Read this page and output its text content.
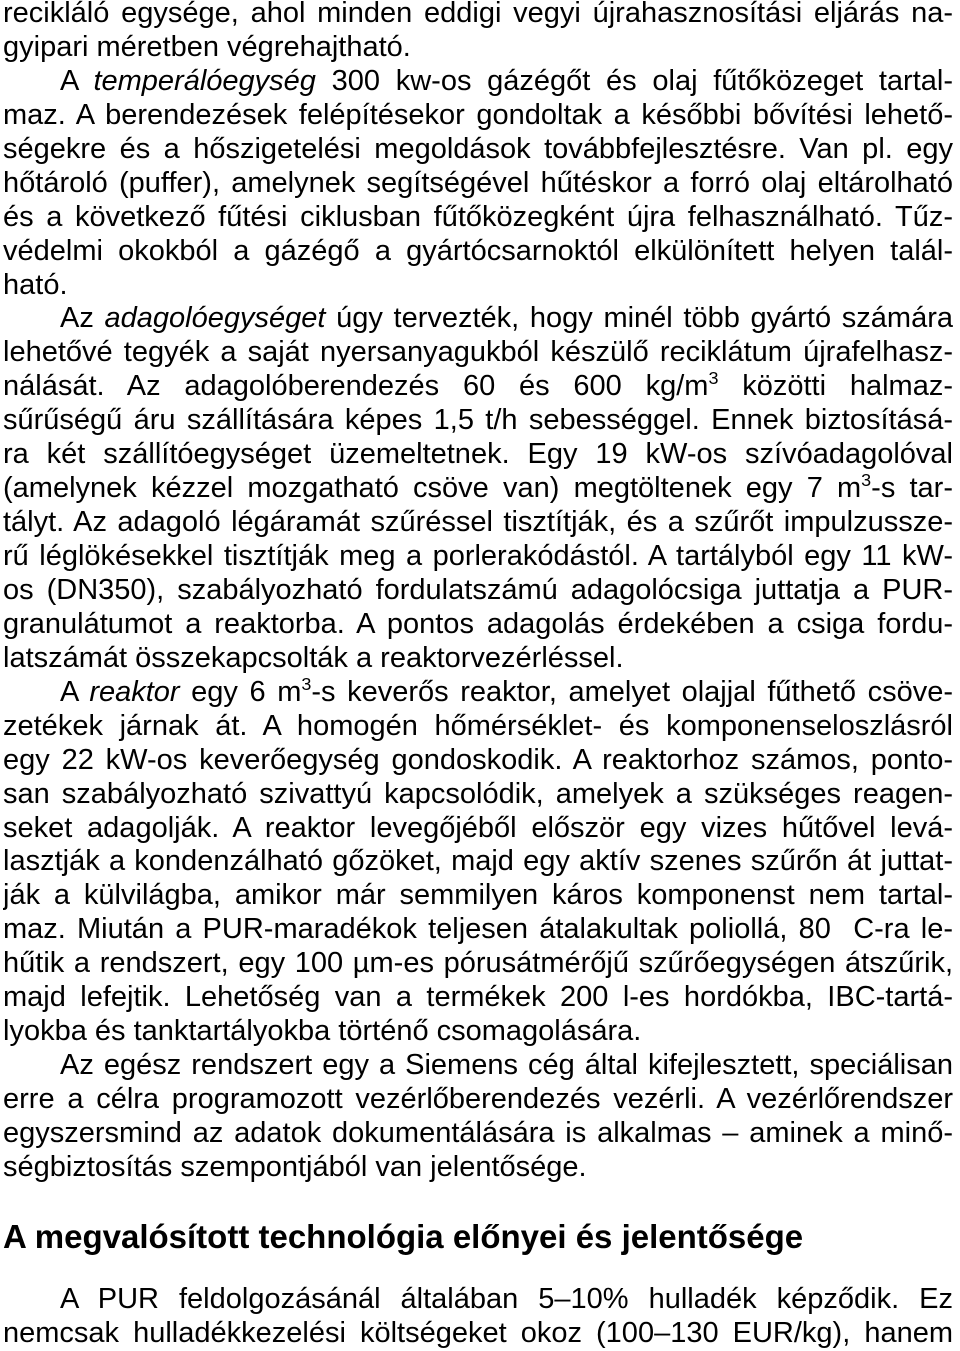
recikláló egysége, ahol minden eddigi vegyi újrahasznosítási eljárás na-
gyipari méretben végrehajtható.
A temperálóegység 300 kw-os gázégőt és olaj fűtőközeget tartal-
maz. A berendezések felépítésekor gondoltak a későbbi bővítési lehető-
ségekre és a hőszigetelési megoldások továbbfejlesztésre. Van pl. egy
hőtároló (puffer), amelynek segítségével hűtéskor a forró olaj eltárolható
és a következő fűtési ciklusban fűtőközegként újra felhasználható. Tűz-
védelmi okokból a gázégő a gyártócsarnoktól elkülönített helyen talál-
ható.
Az adagolóegységet úgy tervezték, hogy minél több gyártó számára
lehetővé tegyék a saját nyersanyagukból készülő reciklátum újrafelhasz-
nálását. Az adagolóberendezés 60 és 600 $kg/m^3$ közötti halmaz-
sűrűségű áru szállítására képes 1,5 t/h sebességgel. Ennek biztosításá-
ra két szállítóegységet üzemeltetnek. Egy 19 kW-os szívóadagolóval
(amelynek kézzel mozgatható csöve van) megtöltenek egy 7 $m^3-s$ tar-
tályt. Az adagoló légáramát szűréssel tisztítják, és a szűrőt impulzussze-
rű léglökésekkel tisztítják meg a porlerakódástól. A tartályból egy 11 kW-
os (DN350), szabályozható fordulatszámú adagolócsiga juttatja a PUR-
granulátumot a reaktorba. A pontos adagolás érdekében a csiga fordu-
latszámát összekapcsolták a reaktorvezérléssel.
A reaktor egy 6 $m^3-s$ keverős reaktor, amelyet olajjal fűthető csöve-
zetékek járnak át. A homogén hőmérséklet- és komponenseloszlásról
egy 22 kW-os keverőegység gondoskodik. A reaktorhoz számos, ponto-
san szabályozható szivattyú kapcsolódik, amelyek a szükséges reagen-
seket adagolják. A reaktor levegőjéből először egy vizes hűtővel levá-
lasztják a kondenzálható gőzöket, majd egy aktív szenes szűrőn át juttat-
ják a külvilágba, amikor már semmilyen káros komponenst nem tartal-
maz. Miután a PUR-maradékok teljesen átalakultak poliollá, 80  C-ra le-
hűtik a rendszert, egy 100 µm-es pórusátmérőjű szűrőegységen átszűrik,
majd lefejtik. Lehetőség van a termékek 200 l-es hordókba, IBC-tartá-
lyokba és tanktartályokba történő csomagolására.
Az egész rendszert egy a Siemens cég által kifejlesztett, speciálisan
erre a célra programozott vezérlőberendezés vezérli. A vezérlőrendszer
egyszersmind az adatok dokumentálására is alkalmas – aminek a minő-
ségbiztosítás szempontjából van jelentősége.
A megvalósított technológia előnyei és jelentősége
A PUR feldolgozásánál általában 5–10% hulladék képződik. Ez
nemcsak hulladékkezelési költségeket okoz (100–130 EUR/kg), hanem
